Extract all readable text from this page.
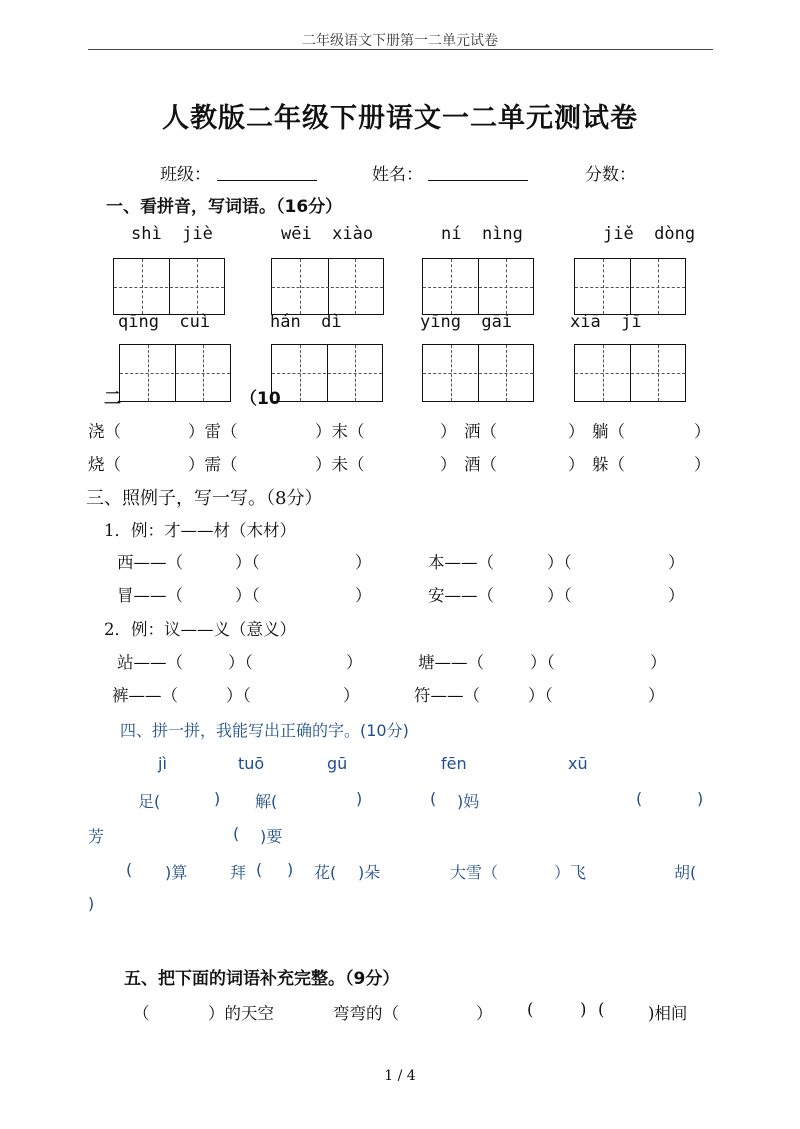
二年级语文下册第一二单元试卷
人教版二年级下册语文一二单元测试卷
班级：	姓名：	分数：
一、看拼音，写词语。（16分）
shì  jiè	wēi  xiào	ní  nìng	jiě  dòng
qīng  cuì	hán  dì	yīng  gāi	xiā  jī
二	（10
浇（	）雷（	）末（	） 洒（	） 躺（	）
烧（	）需（	）未（	） 酒（	） 躲（	）
三、照例子，写一写。（8分）
1．例：才——材（木材）
西——（	）（	）	本——（	）（	）
冒——（	）（	）	安——（	）（	）
2．例：议——义（意义）
站——（	）（	）	塘——（	）（	）
裤——（	）（	）	符——（	）（	）
四、拼一拼，我能写出正确的字。(10分)
jì	tuō	gū	fēn	xū
足(	) 解(	)	( )妈	(	)
芳	( )要
( )算	拜 ( ) 花( )朵	大雪（	）飞	胡(
)
五、把下面的词语补充完整。（9分）
（	）的天空	弯弯的（	） (	) (	)相间
1 / 4
